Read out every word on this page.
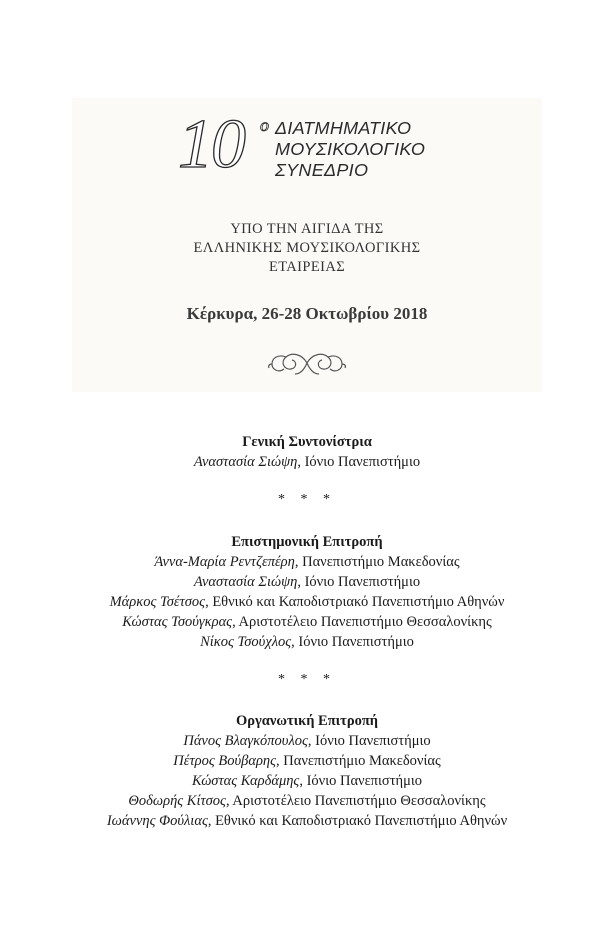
10 ο ΔΙΑΤΜΗΜΑΤΙΚΟ
ΜΟΥΣΙΚΟΛΟΓΙΚΟ
ΣΥΝΕΔΡΙΟ
ΥΠΟ ΤΗΝ ΑΙΓΙΔΑ ΤΗΣ
ΕΛΛΗΝΙΚΗΣ ΜΟΥΣΙΚΟΛΟΓΙΚΗΣ
ΕΤΑΙΡΕΙΑΣ
Κέρκυρα, 26-28 Οκτωβρίου 2018
Γενική Συντονίστρια
Αναστασία Σιώψη, Ιόνιο Πανεπιστήμιο
* * *
Επιστημονική Επιτροπή
Άννα-Μαρία Ρεντζεπέρη, Πανεπιστήμιο Μακεδονίας
Αναστασία Σιώψη, Ιόνιο Πανεπιστήμιο
Μάρκος Τσέτσος, Εθνικό και Καποδιστριακό Πανεπιστήμιο Αθηνών
Κώστας Τσούγκρας, Αριστοτέλειο Πανεπιστήμιο Θεσσαλονίκης
Νίκος Τσούχλος, Ιόνιο Πανεπιστήμιο
* * *
Οργανωτική Επιτροπή
Πάνος Βλαγκόπουλος, Ιόνιο Πανεπιστήμιο
Πέτρος Βούβαρης, Πανεπιστήμιο Μακεδονίας
Κώστας Καρδάμης, Ιόνιο Πανεπιστήμιο
Θοδωρής Κίτσος, Αριστοτέλειο Πανεπιστήμιο Θεσσαλονίκης
Ιωάννης Φούλιας, Εθνικό και Καποδιστριακό Πανεπιστήμιο Αθηνών
